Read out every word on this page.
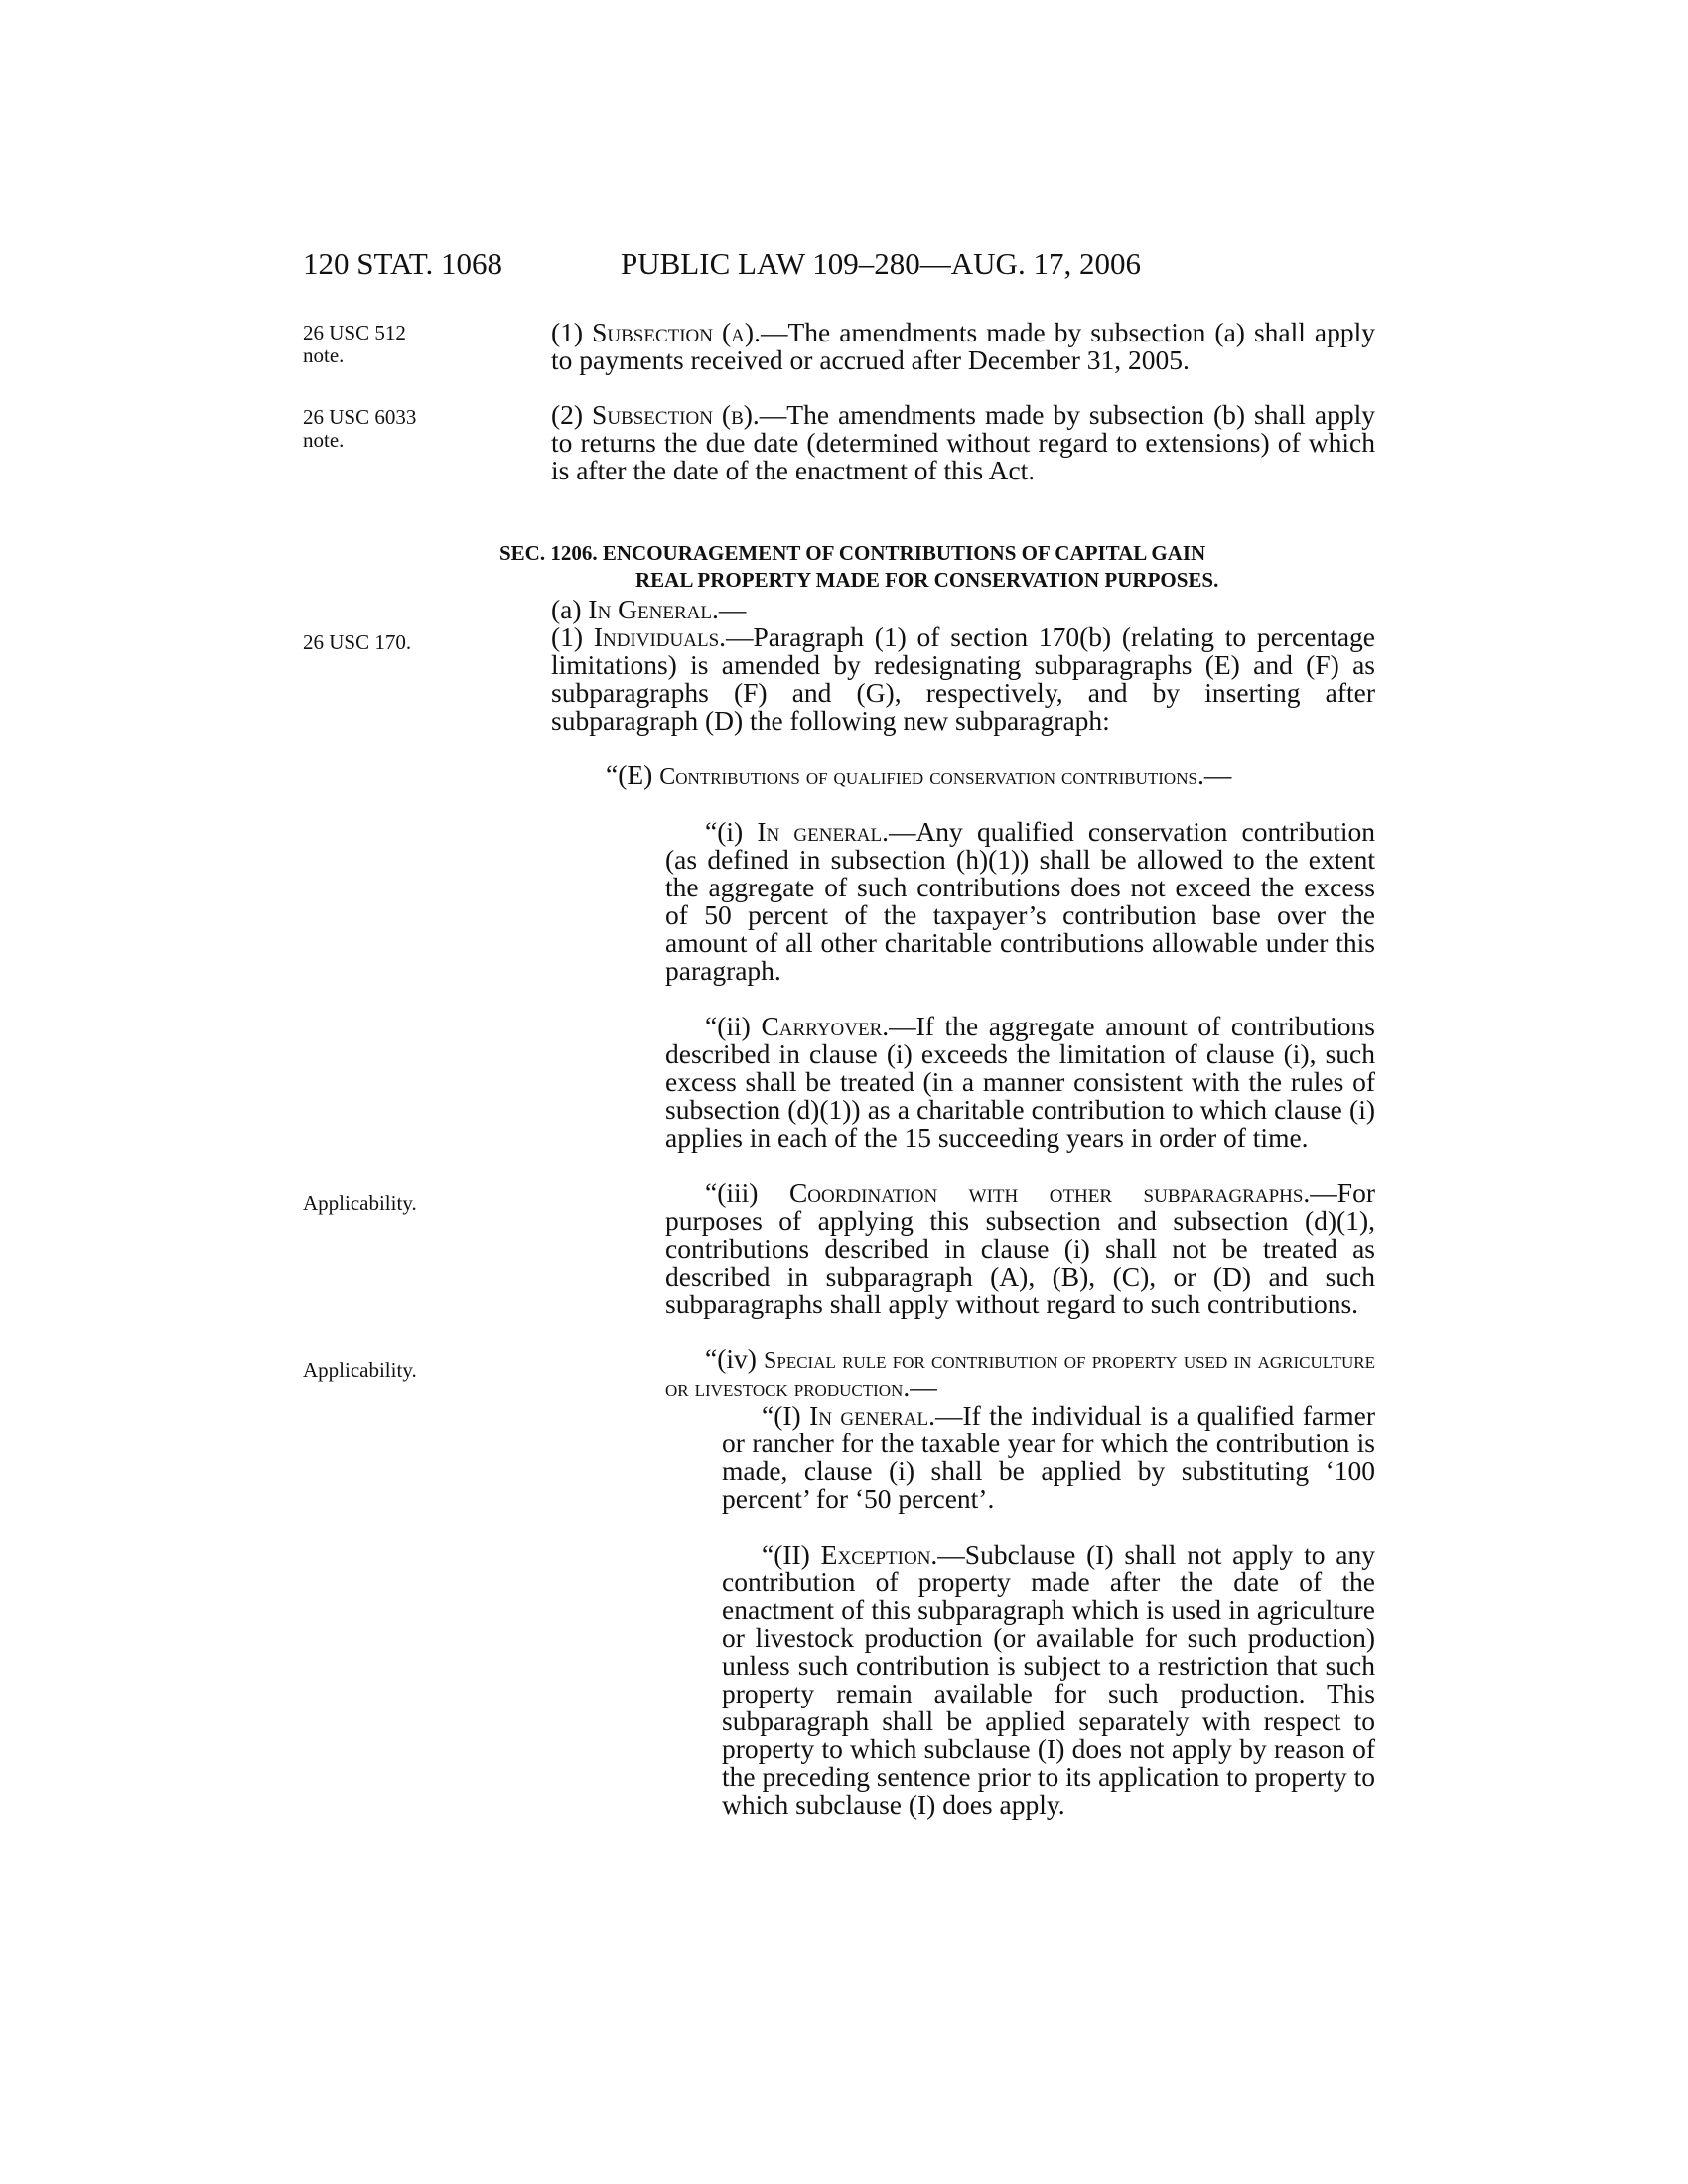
120 STAT. 1068	PUBLIC LAW 109–280—AUG. 17, 2006
26 USC 512 note.
26 USC 6033
note.
26 USC 170.
Applicability.
Applicability.

(1) Subsection (a).—The amendments made by subsection (a) shall apply to payments received or accrued after December 31, 2005.

(2) Subsection (b).—The amendments made by subsection (b) shall apply to returns the due date (determined without regard to extensions) of which is after the date of the enactment of this Act.

SEC. 1206. ENCOURAGEMENT OF CONTRIBUTIONS OF CAPITAL GAIN
REAL PROPERTY MADE FOR CONSERVATION PURPOSES.

(a) In General.—

(1) Individuals.—Paragraph (1) of section 170(b) (relating to percentage limitations) is amended by redesignating subparagraphs (E) and (F) as subparagraphs (F) and (G), respectively, and by inserting after subparagraph (D) the following new subparagraph:

“(E) Contributions of qualified conservation contributions.—

“(i) In general.—Any qualified conservation contribution (as defined in subsection (h)(1)) shall be allowed to the extent the aggregate of such contributions does not exceed the excess of 50 percent of the taxpayer’s contribution base over the amount of all other charitable contributions allowable under this paragraph.

“(ii) Carryover.—If the aggregate amount of contributions described in clause (i) exceeds the limitation of clause (i), such excess shall be treated (in a manner consistent with the rules of subsection (d)(1)) as a charitable contribution to which clause (i) applies in each of the 15 succeeding years in order of time.

“(iii) Coordination with other subparagraphs.—For purposes of applying this subsection and subsection (d)(1), contributions described in clause (i) shall not be treated as described in subparagraph (A), (B), (C), or (D) and such subparagraphs shall apply without regard to such contributions.

“(iv) Special rule for contribution of property used in agriculture or livestock production.—

“(I) In general.—If the individual is a qualified farmer or rancher for the taxable year for which the contribution is made, clause (i) shall be applied by substituting ‘100 percent’ for ‘50 percent’.

“(II) Exception.—Subclause (I) shall not apply to any contribution of property made after the date of the enactment of this subparagraph which is used in agriculture or livestock production (or available for such production) unless such contribution is subject to a restriction that such property remain available for such production. This subparagraph shall be applied separately with respect to property to which subclause (I) does not apply by reason of the preceding sentence prior to its application to property to which subclause (I) does apply.
